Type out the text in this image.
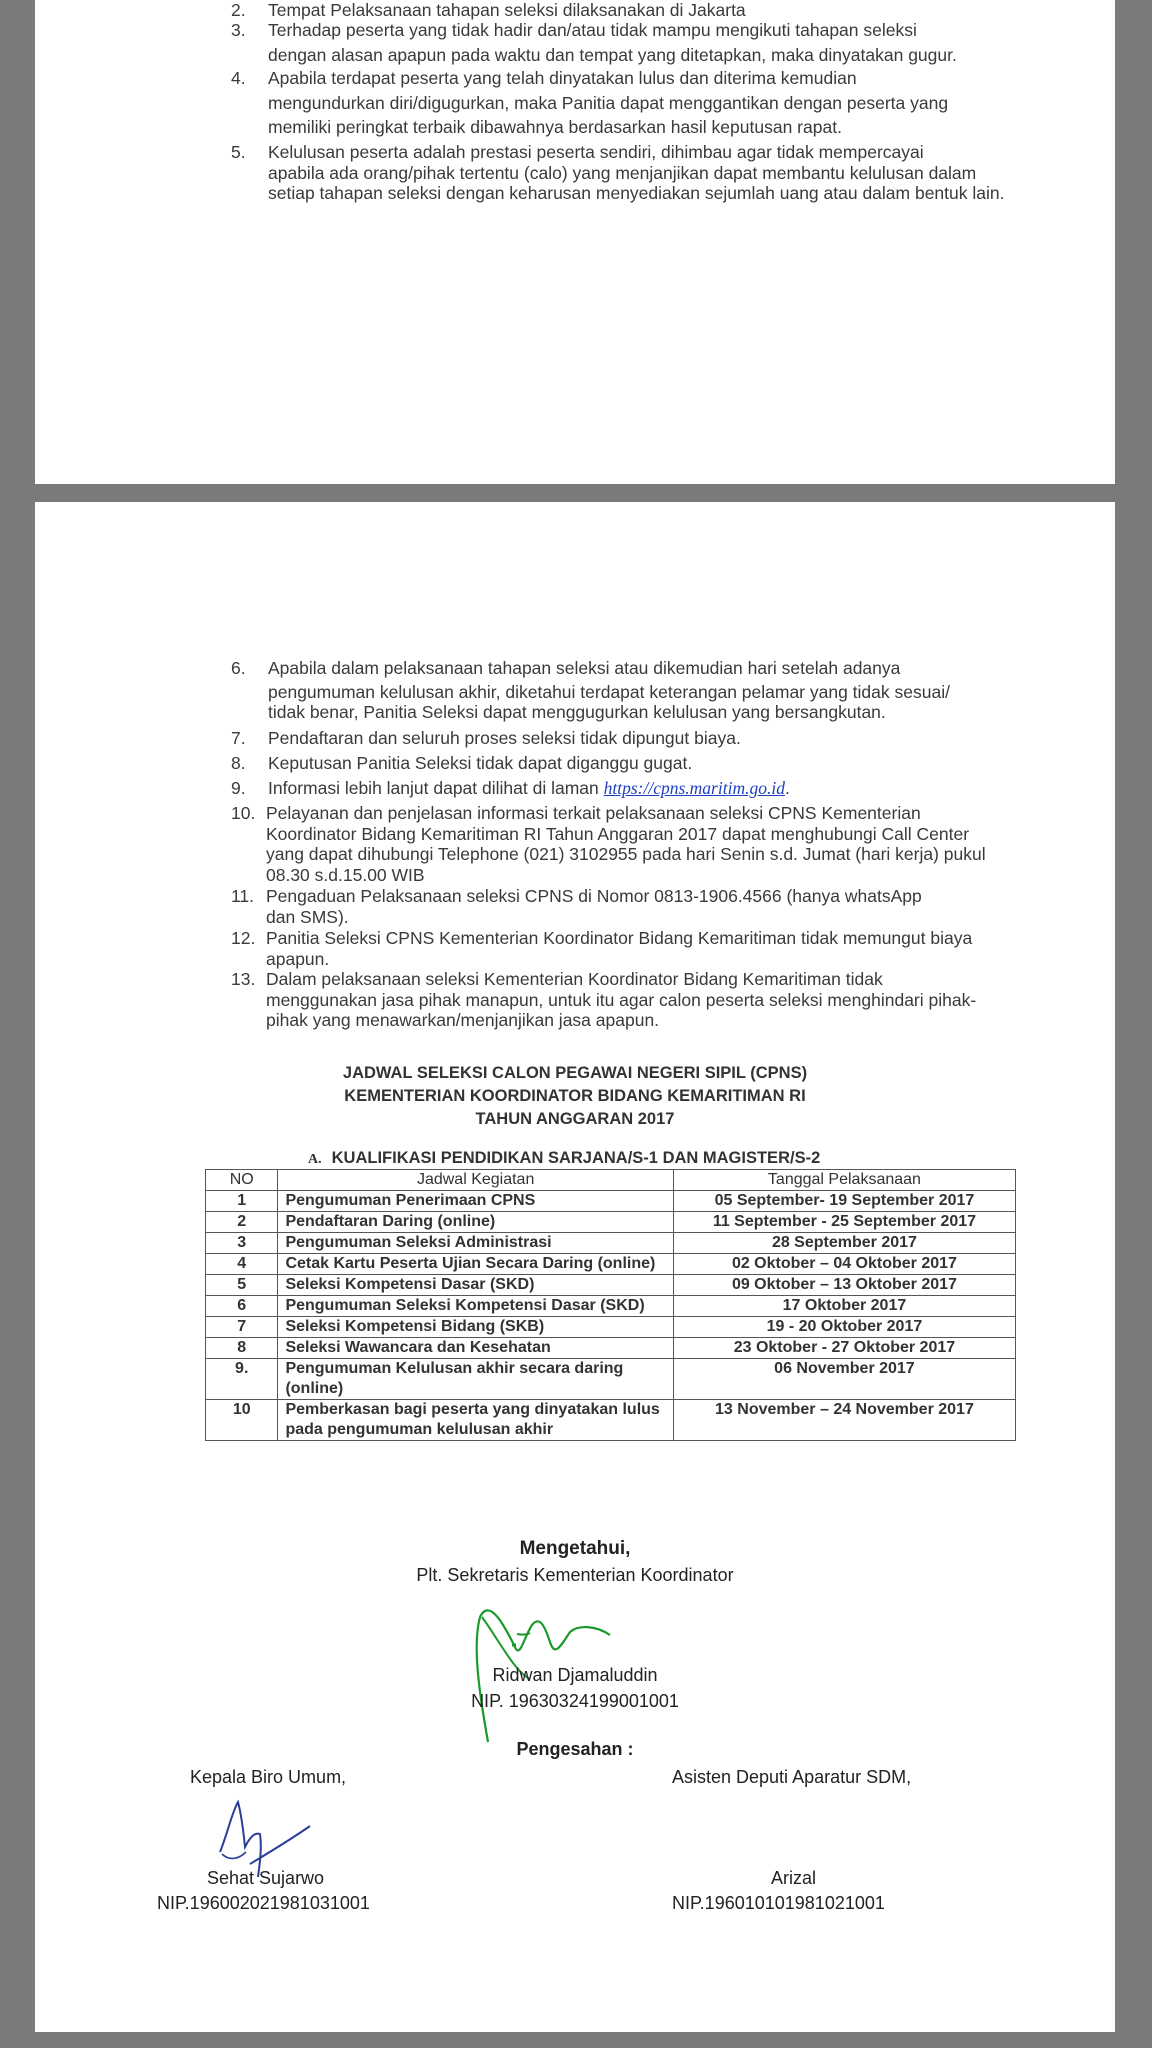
2. Tempat Pelaksanaan tahapan seleksi dilaksanakan di Jakarta
3. Terhadap peserta yang tidak hadir dan/atau tidak mampu mengikuti tahapan seleksi
dengan alasan apapun pada waktu dan tempat yang ditetapkan, maka dinyatakan gugur.
4. Apabila terdapat peserta yang telah dinyatakan lulus dan diterima kemudian
mengundurkan diri/digugurkan, maka Panitia dapat menggantikan dengan peserta yang
memiliki peringkat terbaik dibawahnya berdasarkan hasil keputusan rapat.
5. Kelulusan peserta adalah prestasi peserta sendiri, dihimbau agar tidak mempercayai
apabila ada orang/pihak tertentu (calo) yang menjanjikan dapat membantu kelulusan dalam
setiap tahapan seleksi dengan keharusan menyediakan sejumlah uang atau dalam bentuk lain.
6. Apabila dalam pelaksanaan tahapan seleksi atau dikemudian hari setelah adanya
pengumuman kelulusan akhir, diketahui terdapat keterangan pelamar yang tidak sesuai/
tidak benar, Panitia Seleksi dapat menggugurkan kelulusan yang bersangkutan.
7. Pendaftaran dan seluruh proses seleksi tidak dipungut biaya.
8. Keputusan Panitia Seleksi tidak dapat diganggu gugat.
9. Informasi lebih lanjut dapat dilihat di laman https://cpns.maritim.go.id.
10. Pelayanan dan penjelasan informasi terkait pelaksanaan seleksi CPNS Kementerian
Koordinator Bidang Kemaritiman RI Tahun Anggaran 2017 dapat menghubungi Call Center
yang dapat dihubungi Telephone (021) 3102955 pada hari Senin s.d. Jumat (hari kerja) pukul
08.30 s.d.15.00 WIB
11. Pengaduan Pelaksanaan seleksi CPNS di Nomor 0813-1906.4566 (hanya whatsApp
dan SMS).
12. Panitia Seleksi CPNS Kementerian Koordinator Bidang Kemaritiman tidak memungut biaya
apapun.
13. Dalam pelaksanaan seleksi Kementerian Koordinator Bidang Kemaritiman tidak
menggunakan jasa pihak manapun, untuk itu agar calon peserta seleksi menghindari pihak-
pihak yang menawarkan/menjanjikan jasa apapun.
JADWAL SELEKSI CALON PEGAWAI NEGERI SIPIL (CPNS)
KEMENTERIAN KOORDINATOR BIDANG KEMARITIMAN RI
TAHUN ANGGARAN 2017
A. KUALIFIKASI PENDIDIKAN SARJANA/S-1 DAN MAGISTER/S-2
NO	Jadwal Kegiatan	Tanggal Pelaksanaan
1	Pengumuman Penerimaan CPNS	05 September- 19 September 2017
2	Pendaftaran Daring (online)	11 September - 25 September 2017
3	Pengumuman Seleksi Administrasi	28 September 2017
4	Cetak Kartu Peserta Ujian Secara Daring (online)	02 Oktober – 04 Oktober 2017
5	Seleksi Kompetensi Dasar (SKD)	09 Oktober – 13 Oktober 2017
6	Pengumuman Seleksi Kompetensi Dasar (SKD)	17 Oktober 2017
7	Seleksi Kompetensi Bidang (SKB)	19 - 20 Oktober 2017
8	Seleksi Wawancara dan Kesehatan	23 Oktober - 27 Oktober 2017
9.	Pengumuman Kelulusan akhir secara daring (online)	06 November 2017
10	Pemberkasan bagi peserta yang dinyatakan lulus pada pengumuman kelulusan akhir	13 November – 24 November 2017
Mengetahui,
Plt. Sekretaris Kementerian Koordinator
Ridwan Djamaluddin
NIP. 19630324199001001
Pengesahan :
Kepala Biro Umum,	Asisten Deputi Aparatur SDM,
Sehat Sujarwo
NIP.196002021981031001
Arizal
NIP.196010101981021001
